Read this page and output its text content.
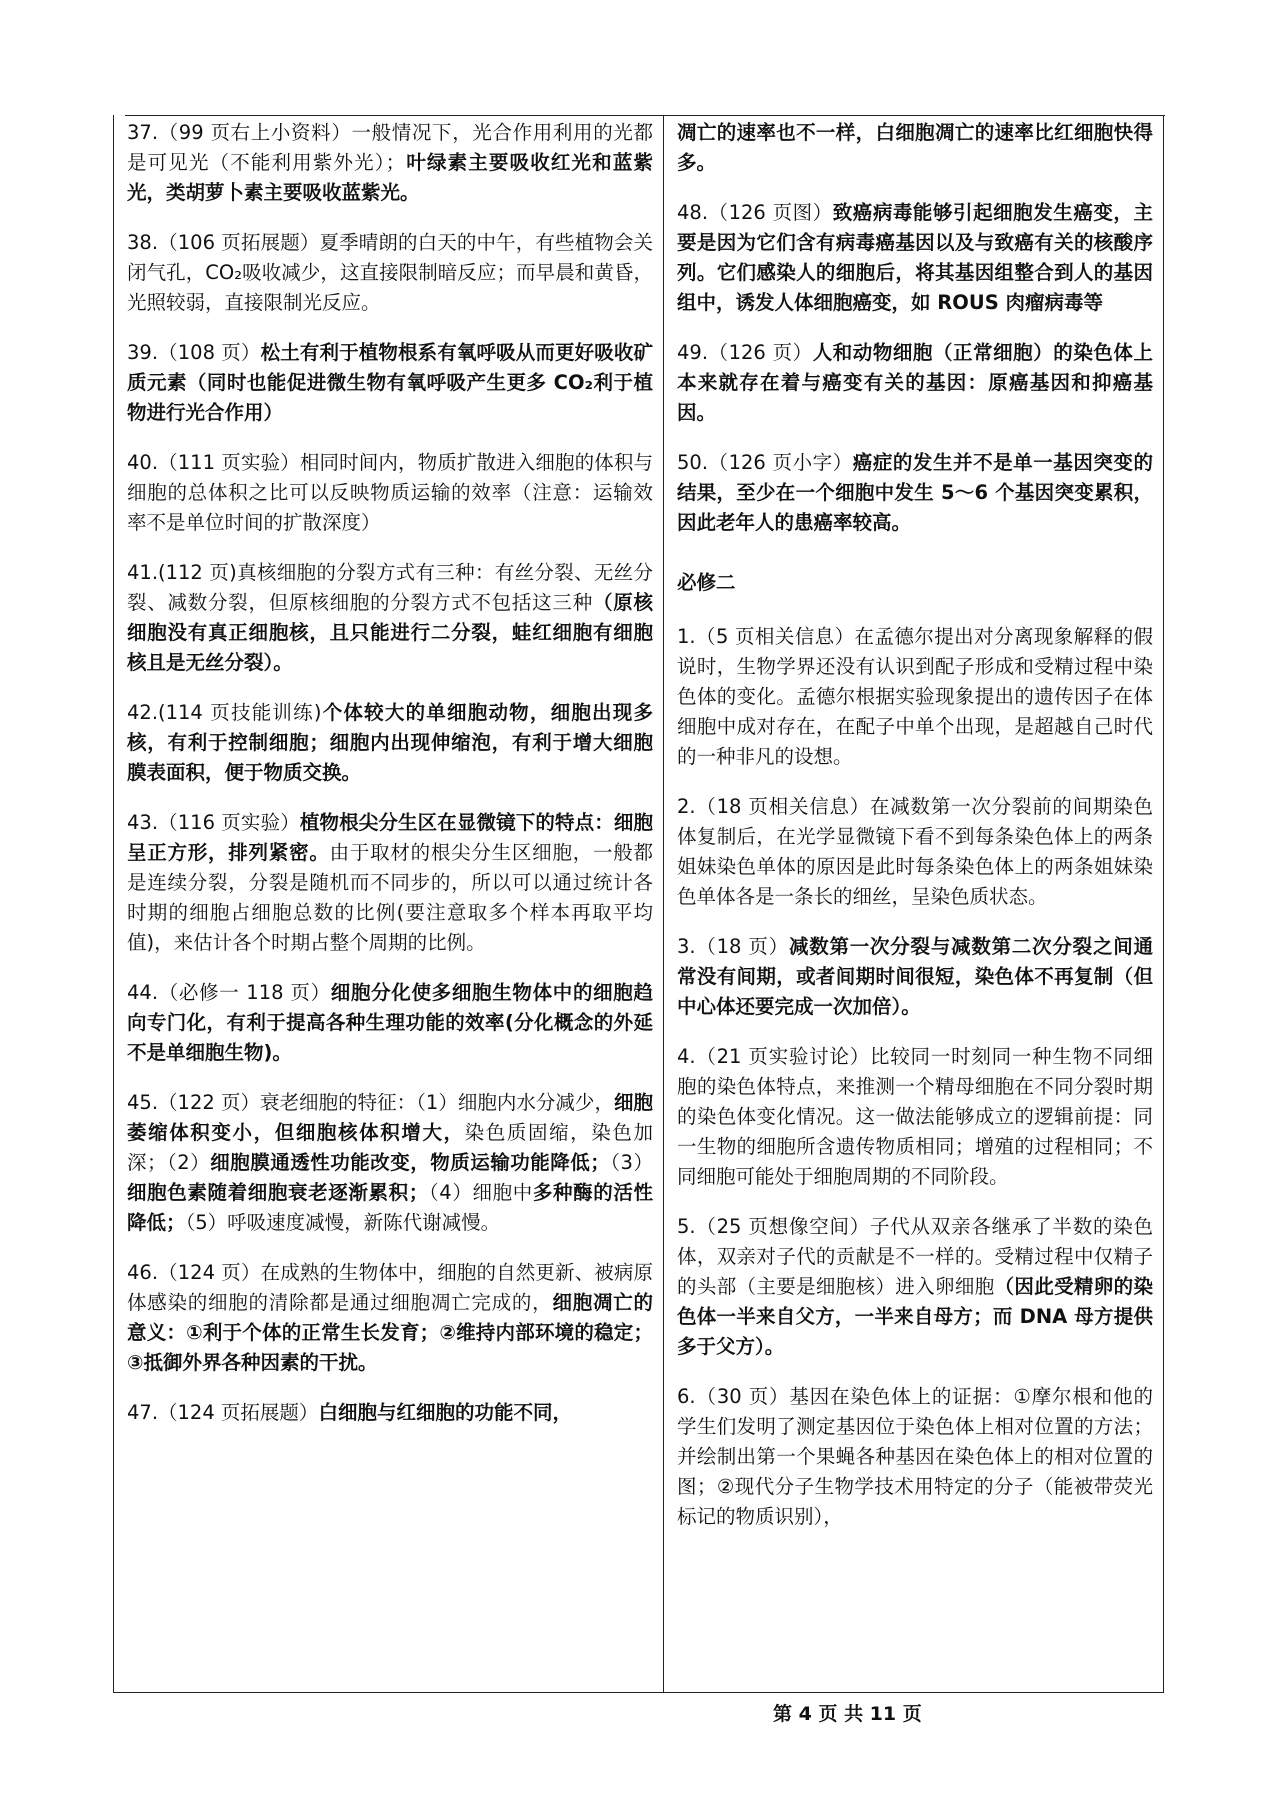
37.（99 页右上小资料）一般情况下，光合作用利用的光都是可见光（不能利用紫外光）；叶绿素主要吸收红光和蓝紫光，类胡萝卜素主要吸收蓝紫光。

38.（106 页拓展题）夏季晴朗的白天的中午，有些植物会关闭气孔，CO₂吸收减少，这直接限制暗反应；而早晨和黄昏，光照较弱，直接限制光反应。

39.（108 页）松土有利于植物根系有氧呼吸从而更好吸收矿质元素（同时也能促进微生物有氧呼吸产生更多 CO₂利于植物进行光合作用）

40.（111 页实验）相同时间内，物质扩散进入细胞的体积与细胞的总体积之比可以反映物质运输的效率（注意：运输效率不是单位时间的扩散深度）

41.(112 页)真核细胞的分裂方式有三种：有丝分裂、无丝分裂、减数分裂，但原核细胞的分裂方式不包括这三种（原核细胞没有真正细胞核，且只能进行二分裂，蛙红细胞有细胞核且是无丝分裂）。

42.(114 页技能训练)个体较大的单细胞动物，细胞出现多核，有利于控制细胞；细胞内出现伸缩泡，有利于增大细胞膜表面积，便于物质交换。

43.（116 页实验）植物根尖分生区在显微镜下的特点：细胞呈正方形，排列紧密。由于取材的根尖分生区细胞，一般都是连续分裂，分裂是随机而不同步的，所以可以通过统计各时期的细胞占细胞总数的比例(要注意取多个样本再取平均值)，来估计各个时期占整个周期的比例。

44.（必修一 118 页）细胞分化使多细胞生物体中的细胞趋向专门化，有利于提高各种生理功能的效率(分化概念的外延不是单细胞生物)。

45.（122 页）衰老细胞的特征：（1）细胞内水分减少，细胞萎缩体积变小，但细胞核体积增大，染色质固缩，染色加深；（2）细胞膜通透性功能改变，物质运输功能降低；（3）细胞色素随着细胞衰老逐渐累积；（4）细胞中多种酶的活性降低；（5）呼吸速度减慢，新陈代谢减慢。

46.（124 页）在成熟的生物体中，细胞的自然更新、被病原体感染的细胞的清除都是通过细胞凋亡完成的，细胞凋亡的意义：①利于个体的正常生长发育；②维持内部环境的稳定；③抵御外界各种因素的干扰。

47.（124 页拓展题）白细胞与红细胞的功能不同，

凋亡的速率也不一样，白细胞凋亡的速率比红细胞快得多。

48.（126 页图）致癌病毒能够引起细胞发生癌变，主要是因为它们含有病毒癌基因以及与致癌有关的核酸序列。它们感染人的细胞后，将其基因组整合到人的基因组中，诱发人体细胞癌变，如 ROUS 肉瘤病毒等

49.（126 页）人和动物细胞（正常细胞）的染色体上本来就存在着与癌变有关的基因：原癌基因和抑癌基因。

50.（126 页小字）癌症的发生并不是单一基因突变的结果，至少在一个细胞中发生 5～6 个基因突变累积，因此老年人的患癌率较高。

必修二

1.（5 页相关信息）在孟德尔提出对分离现象解释的假说时，生物学界还没有认识到配子形成和受精过程中染色体的变化。孟德尔根据实验现象提出的遗传因子在体细胞中成对存在，在配子中单个出现，是超越自己时代的一种非凡的设想。

2.（18 页相关信息）在减数第一次分裂前的间期染色体复制后，在光学显微镜下看不到每条染色体上的两条姐妹染色单体的原因是此时每条染色体上的两条姐妹染色单体各是一条长的细丝，呈染色质状态。

3.（18 页）减数第一次分裂与减数第二次分裂之间通常没有间期，或者间期时间很短，染色体不再复制（但中心体还要完成一次加倍）。

4.（21 页实验讨论）比较同一时刻同一种生物不同细胞的染色体特点，来推测一个精母细胞在不同分裂时期的染色体变化情况。这一做法能够成立的逻辑前提：同一生物的细胞所含遗传物质相同；增殖的过程相同；不同细胞可能处于细胞周期的不同阶段。

5.（25 页想像空间）子代从双亲各继承了半数的染色体，双亲对子代的贡献是不一样的。受精过程中仅精子的头部（主要是细胞核）进入卵细胞（因此受精卵的染色体一半来自父方，一半来自母方；而 DNA 母方提供多于父方）。

6.（30 页）基因在染色体上的证据：①摩尔根和他的学生们发明了测定基因位于染色体上相对位置的方法；并绘制出第一个果蝇各种基因在染色体上的相对位置的图；②现代分子生物学技术用特定的分子（能被带荧光标记的物质识别），

第 4 页 共 11 页
